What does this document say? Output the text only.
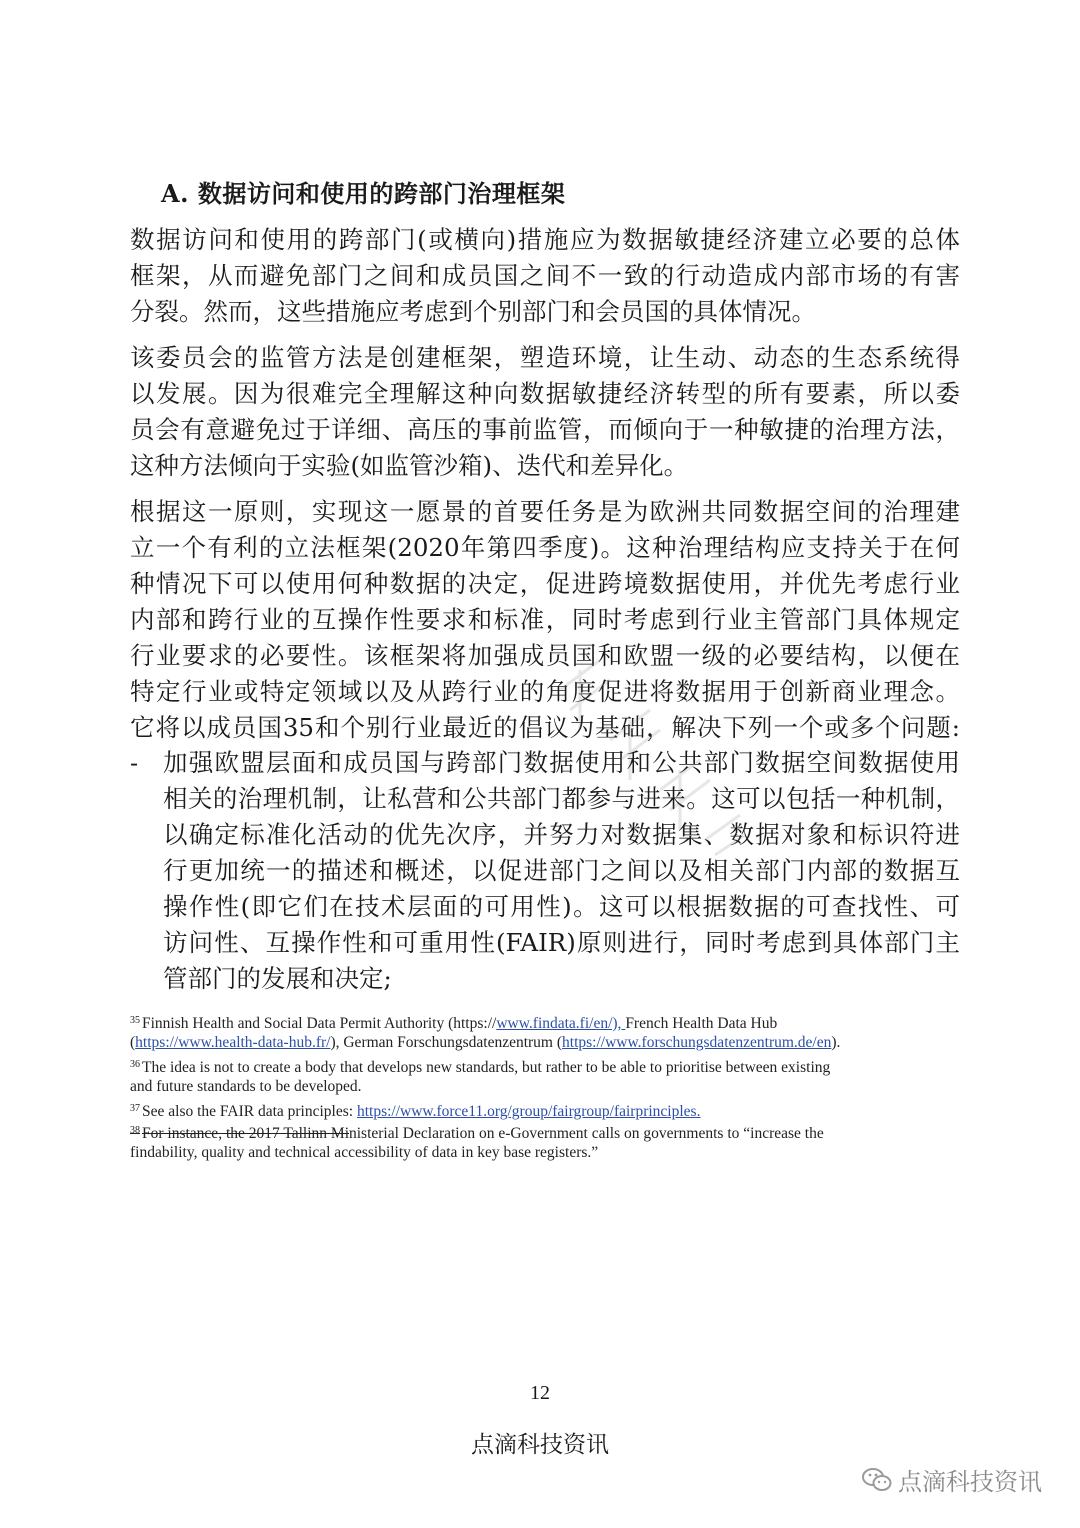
A. 数据访问和使用的跨部门治理框架
数据访问和使用的跨部门(或横向)措施应为数据敏捷经济建立必要的总体
框架，从而避免部门之间和成员国之间不一致的行动造成内部市场的有害
分裂。然而，这些措施应考虑到个别部门和会员国的具体情况。
该委员会的监管方法是创建框架，塑造环境，让生动、动态的生态系统得
以发展。因为很难完全理解这种向数据敏捷经济转型的所有要素，所以委
员会有意避免过于详细、高压的事前监管，而倾向于一种敏捷的治理方法，
这种方法倾向于实验(如监管沙箱)、迭代和差异化。
根据这一原则，实现这一愿景的首要任务是为欧洲共同数据空间的治理建
立一个有利的立法框架(2020年第四季度)。这种治理结构应支持关于在何
种情况下可以使用何种数据的决定，促进跨境数据使用，并优先考虑行业
内部和跨行业的互操作性要求和标准，同时考虑到行业主管部门具体规定
行业要求的必要性。该框架将加强成员国和欧盟一级的必要结构，以便在
特定行业或特定领域以及从跨行业的角度促进将数据用于创新商业理念。
它将以成员国35和个别行业最近的倡议为基础，解决下列一个或多个问题:
- 加强欧盟层面和成员国与跨部门数据使用和公共部门数据空间数据使用
相关的治理机制，让私营和公共部门都参与进来。这可以包括一种机制，
以确定标准化活动的优先次序，并努力对数据集、数据对象和标识符进
行更加统一的描述和概述，以促进部门之间以及相关部门内部的数据互
操作性(即它们在技术层面的可用性)。这可以根据数据的可查找性、可
访问性、互操作性和可重用性(FAIR)原则进行，同时考虑到具体部门主
管部门的发展和决定;
$^{35}$ Finnish Health and Social Data Permit Authority (https://www.findata.fi/en/), French Health Data Hub
(https://www.health-data-hub.fr/), German Forschungsdatenzentrum (https://www.forschungsdatenzentrum.de/en).
$^{36}$ The idea is not to create a body that develops new standards, but rather to be able to prioritise between existing
and future standards to be developed.
$^{37}$ See also the FAIR data principles: https://www.force11.org/group/fairgroup/fairprinciples.
$^{38}$ For instance, the 2017 Tallinn Ministerial Declaration on e-Government calls on governments to “increase the
findability, quality and technical accessibility of data in key base registers.”
12
点滴科技资讯
点滴科技资讯
